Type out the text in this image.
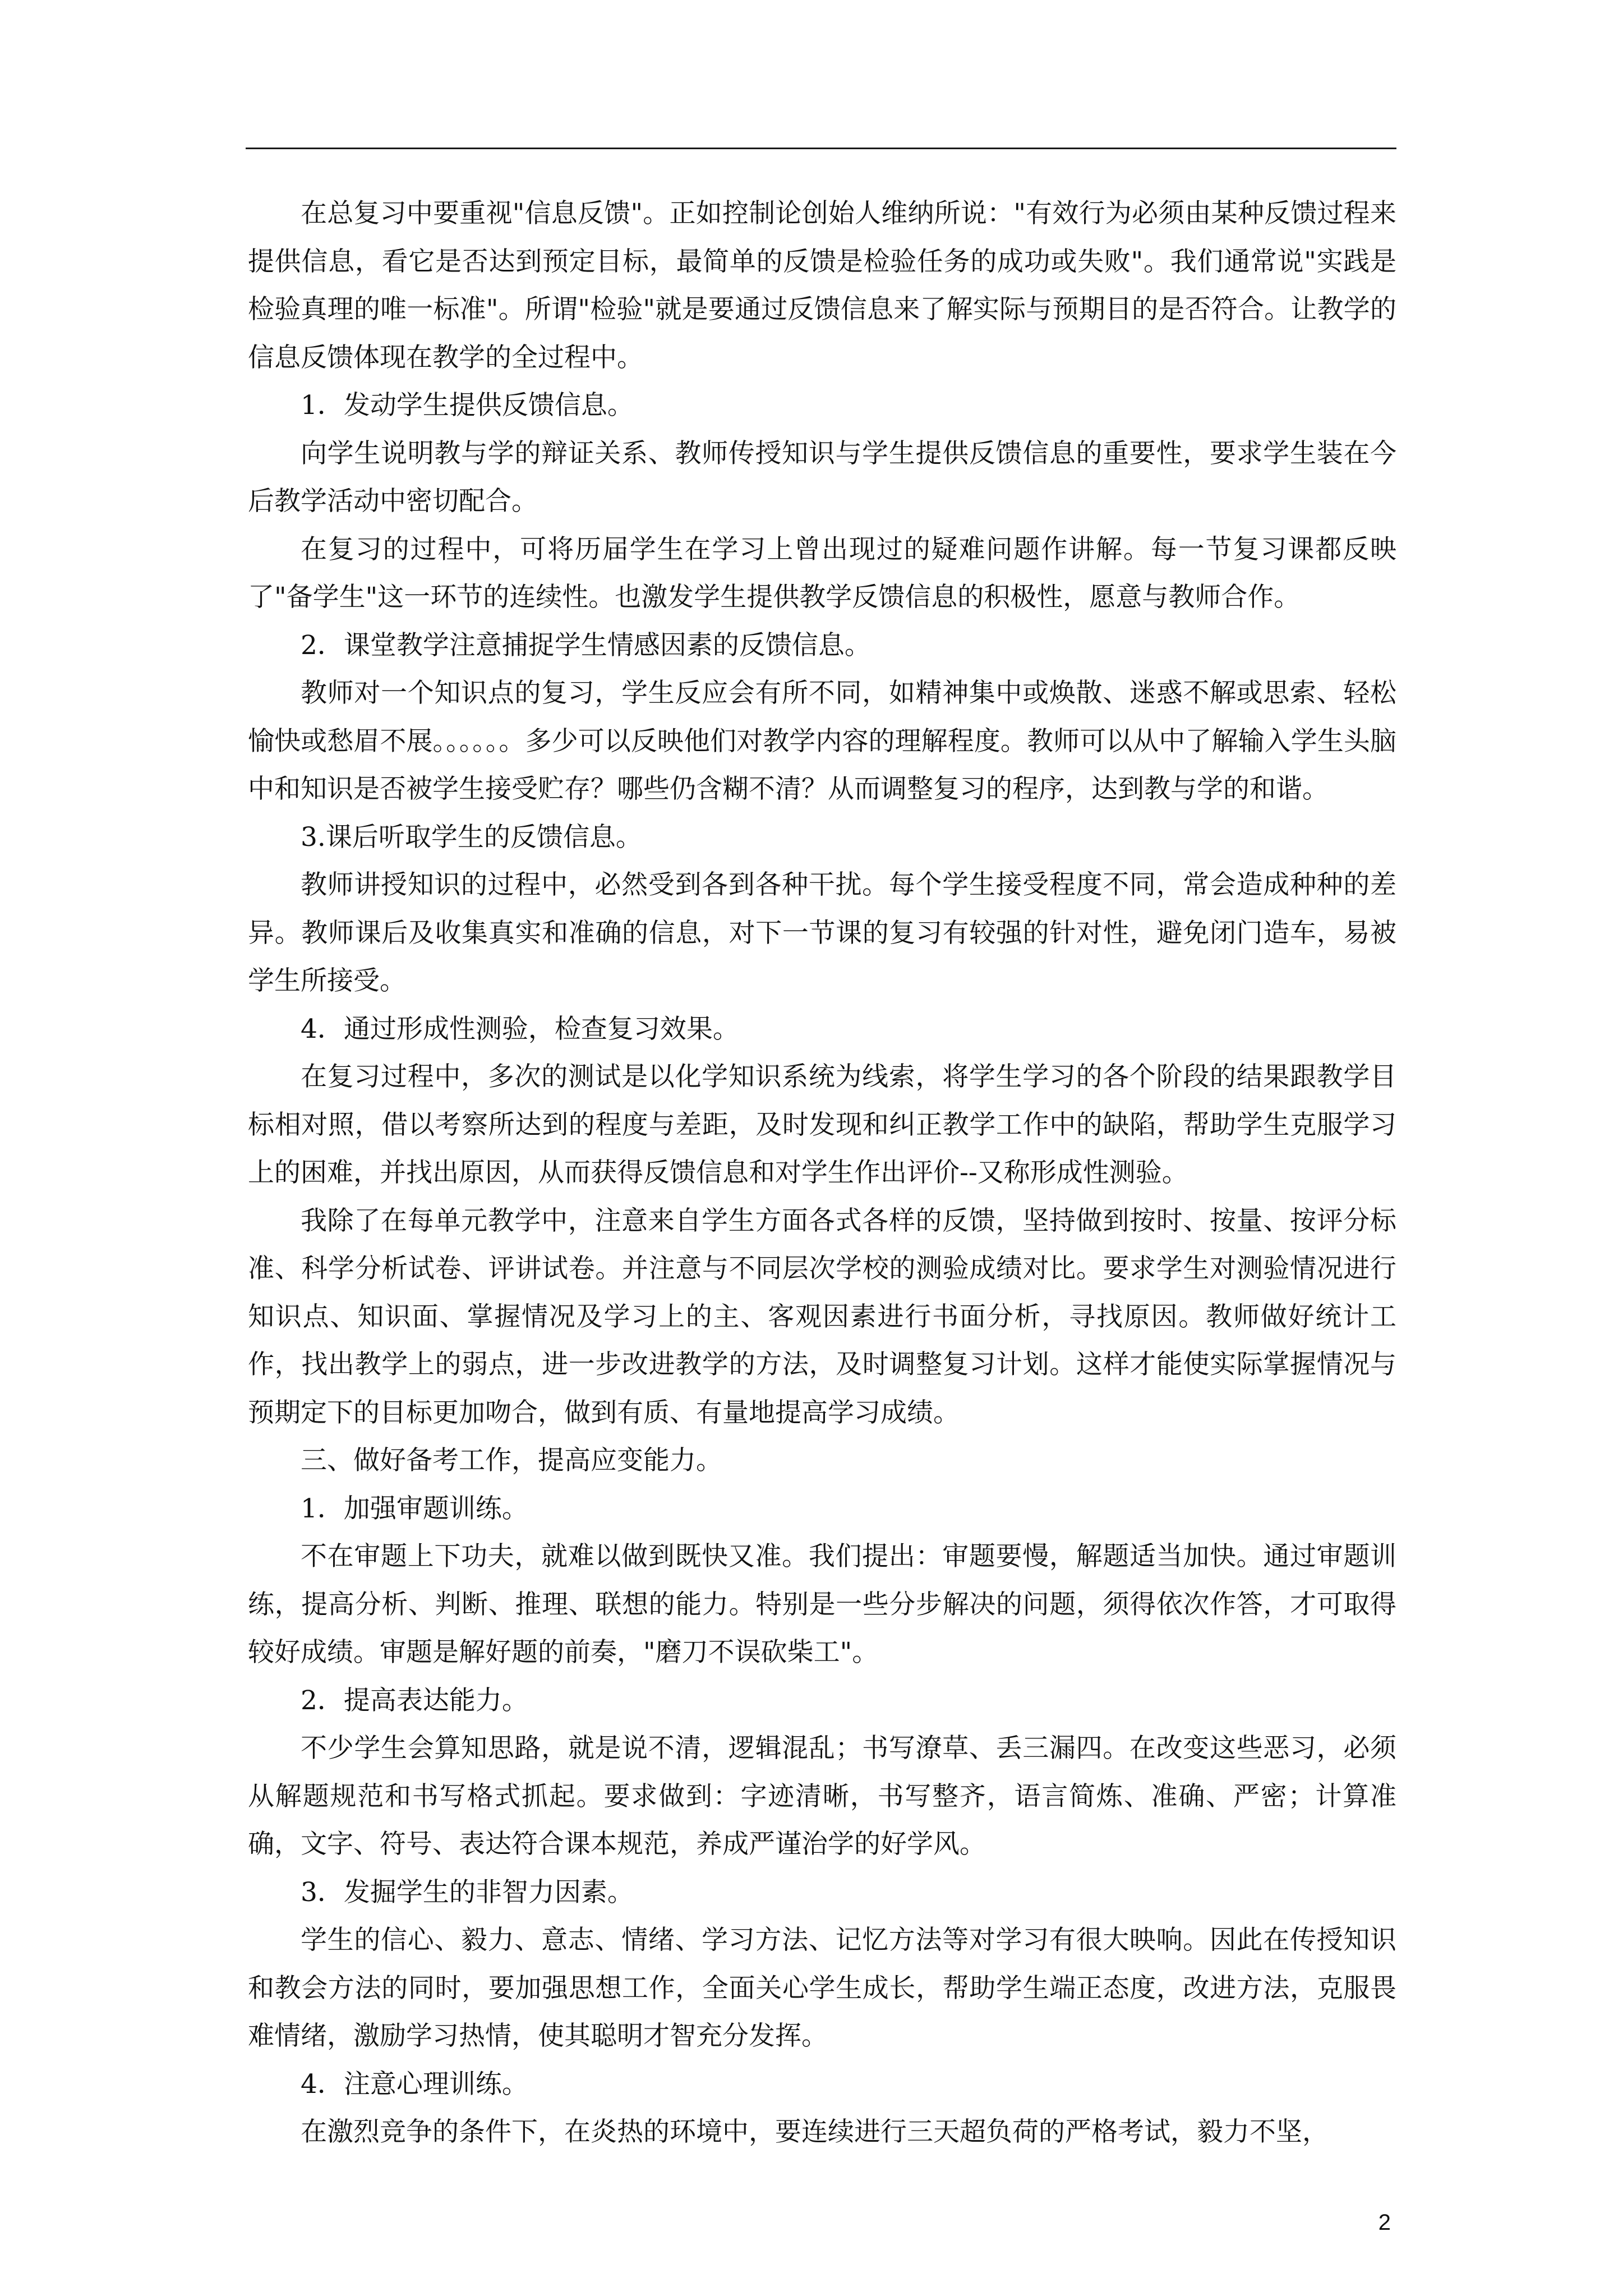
在总复习中要重视"信息反馈"。正如控制论创始人维纳所说："有效行为必须由某种反馈过程来提供信息，看它是否达到预定目标，最简单的反馈是检验任务的成功或失败"。我们通常说"实践是检验真理的唯一标准"。所谓"检验"就是要通过反馈信息来了解实际与预期目的是否符合。让教学的信息反馈体现在教学的全过程中。

1．发动学生提供反馈信息。

向学生说明教与学的辩证关系、教师传授知识与学生提供反馈信息的重要性，要求学生装在今后教学活动中密切配合。

在复习的过程中，可将历届学生在学习上曾出现过的疑难问题作讲解。每一节复习课都反映了"备学生"这一环节的连续性。也激发学生提供教学反馈信息的积极性，愿意与教师合作。

2．课堂教学注意捕捉学生情感因素的反馈信息。

教师对一个知识点的复习，学生反应会有所不同，如精神集中或焕散、迷惑不解或思索、轻松愉快或愁眉不展。。。。。。多少可以反映他们对教学内容的理解程度。教师可以从中了解输入学生头脑中和知识是否被学生接受贮存？哪些仍含糊不清？从而调整复习的程序，达到教与学的和谐。

3.课后听取学生的反馈信息。

教师讲授知识的过程中，必然受到各到各种干扰。每个学生接受程度不同，常会造成种种的差异。教师课后及收集真实和准确的信息，对下一节课的复习有较强的针对性，避免闭门造车，易被学生所接受。

4．通过形成性测验，检查复习效果。

在复习过程中，多次的测试是以化学知识系统为线索，将学生学习的各个阶段的结果跟教学目标相对照，借以考察所达到的程度与差距，及时发现和纠正教学工作中的缺陷，帮助学生克服学习上的困难，并找出原因，从而获得反馈信息和对学生作出评价--又称形成性测验。

我除了在每单元教学中，注意来自学生方面各式各样的反馈，坚持做到按时、按量、按评分标准、科学分析试卷、评讲试卷。并注意与不同层次学校的测验成绩对比。要求学生对测验情况进行知识点、知识面、掌握情况及学习上的主、客观因素进行书面分析，寻找原因。教师做好统计工作，找出教学上的弱点，进一步改进教学的方法，及时调整复习计划。这样才能使实际掌握情况与预期定下的目标更加吻合，做到有质、有量地提高学习成绩。

三、做好备考工作，提高应变能力。

1．加强审题训练。

不在审题上下功夫，就难以做到既快又准。我们提出：审题要慢，解题适当加快。通过审题训练，提高分析、判断、推理、联想的能力。特别是一些分步解决的问题，须得依次作答，才可取得较好成绩。审题是解好题的前奏，"磨刀不误砍柴工"。

2．提高表达能力。

不少学生会算知思路，就是说不清，逻辑混乱；书写潦草、丢三漏四。在改变这些恶习，必须从解题规范和书写格式抓起。要求做到：字迹清晰，书写整齐，语言简炼、准确、严密；计算准确，文字、符号、表达符合课本规范，养成严谨治学的好学风。

3．发掘学生的非智力因素。

学生的信心、毅力、意志、情绪、学习方法、记忆方法等对学习有很大映响。因此在传授知识和教会方法的同时，要加强思想工作，全面关心学生成长，帮助学生端正态度，改进方法，克服畏难情绪，激励学习热情，使其聪明才智充分发挥。

4．注意心理训练。

在激烈竞争的条件下，在炎热的环境中，要连续进行三天超负荷的严格考试，毅力不坚，

2
